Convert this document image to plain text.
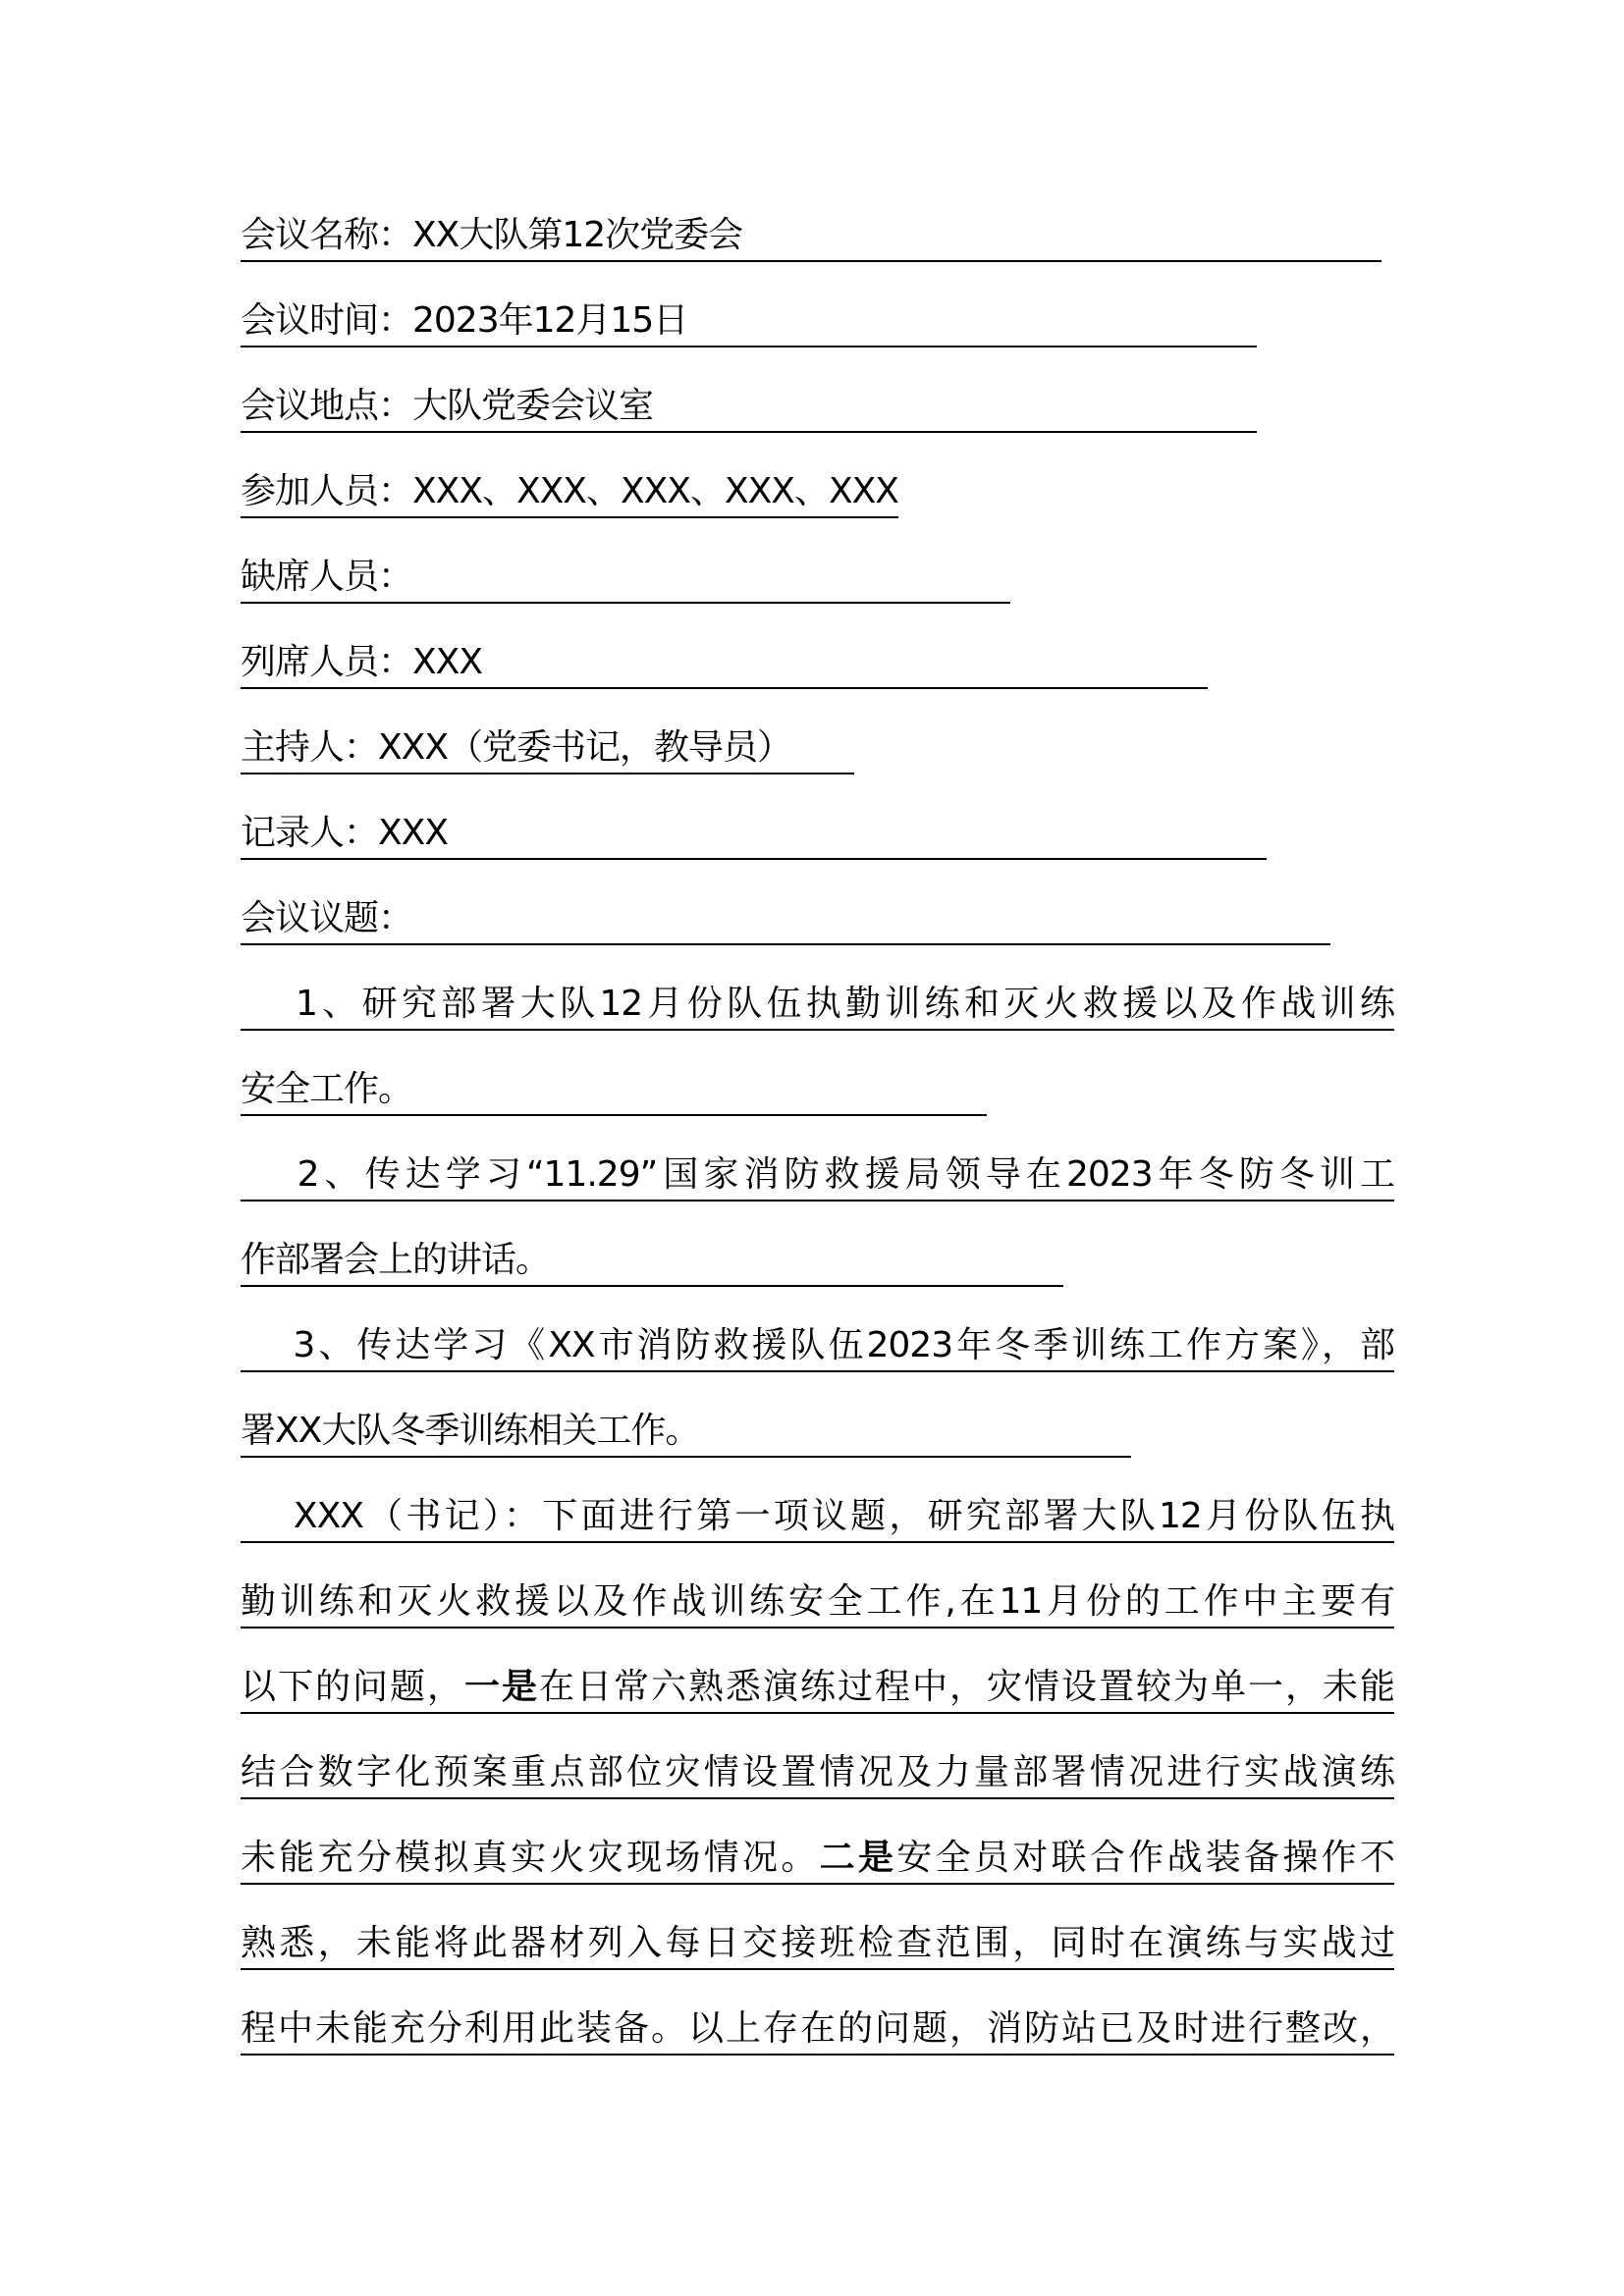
会议名称：XX大队第12次党委会
会议时间：2023年12月15日
会议地点：大队党委会议室
参加人员：XXX、XXX、XXX、XXX、XXX
缺席人员：
列席人员：XXX
主持人：XXX（党委书记，教导员）
记录人：XXX
会议议题：
　 1、研究部署大队12月份队伍执勤训练和灭火救援以及作战训练
安全工作。
　 2、传达学习“11.29”国家消防救援局领导在2023年冬防冬训工
作部署会上的讲话。
　 3、传达学习《XX市消防救援队伍2023年冬季训练工作方案》，部
署XX大队冬季训练相关工作。
　 XXX（书记）：下面进行第一项议题，研究部署大队12月份队伍执
勤训练和灭火救援以及作战训练安全工作,在11月份的工作中主要有
以下的问题，一是在日常六熟悉演练过程中，灾情设置较为单一，未能
结合数字化预案重点部位灾情设置情况及力量部署情况进行实战演练
未能充分模拟真实火灾现场情况。二是安全员对联合作战装备操作不
熟悉，未能将此器材列入每日交接班检查范围，同时在演练与实战过
程中未能充分利用此装备。以上存在的问题，消防站已及时进行整改，
